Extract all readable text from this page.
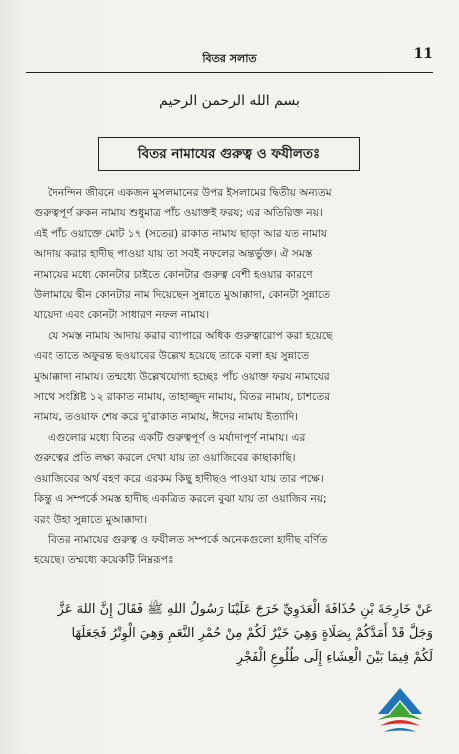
বিতর সলাত	11
بسم الله الرحمن الرحيم
বিতর নামাযের গুরুত্ব ও ফযীলতঃ
দৈনন্দিন জীবনে একজন মুসলমানের উপর ইসলামের দ্বিতীয় অন্যতম
গুরুত্বপূর্ণ রুকন নামায শুধুমাত্র পাঁচ ওয়াক্তই ফরয; এর অতিরিক্ত নয়।
এই পাঁচ ওয়াক্তে মোট ১৭ (সতের) রাকাত নামায ছাড়া আর যত নামায
আদায় করার হাদীছ পাওয়া যায় তা সবই নফলের অন্তর্ভুক্ত। ঐ সমস্ত
নামাযের মধ্যে কোনটার চাইতে কোনটার গুরুত্ব বেশী হওয়ার কারণে
উলামায়ে দ্বীন কোনটার নাম দিয়েছেন সুন্নাতে মুআক্কাদা, কোনটা সুন্নাতে
যায়েদা এবং কোনটা সাধারণ নফল নামায।
যে সমস্ত নামায আদায় করার ব্যাপারে অধিক গুরুত্বারোপ করা হয়েছে
এবং তাতে অফুরন্ত ছওয়াবের উল্লেখ হয়েছে তাকে বলা হয় সুন্নাতে
মুআক্কাদা নামায। তন্মধ্যে উল্লেখযোগ্য হচ্ছেঃ পাঁচ ওয়াক্ত ফরয নামাযের
সাথে সংশ্লিষ্ট ১২ রাকাত নামায, তাহাজ্জুদ নামায, বিতর নামায, চাশতের
নামায, তওয়াফ শেষ করে দু'রাকাত নামায, ঈদের নামায ইত্যাদি।
এগুলোর মধ্যে বিতর একটি গুরুত্বপূর্ণ ও মর্যাদাপূর্ণ নামায। এর
গুরুত্বের প্রতি লক্ষ্য করলে দেখা যায় তা ওয়াজিবের কাছাকাছি।
ওয়াজিবের অর্থ বহণ করে এরকম কিছু হাদীছও পাওয়া যায় তার পক্ষে।
কিন্তু এ সম্পর্কে সমস্ত হাদীছ একত্রিত করলে বুঝা যায় তা ওয়াজিব নয়;
বরং উহা সুন্নাতে মুআক্কাদা।
বিতর নামাযের গুরুত্ব ও ফযীলত সম্পর্কে অনেকগুলো হাদীছ বর্ণিত
হয়েছে। তম্মধ্যে কয়েকটি নিম্নরূপঃ
عَنْ خَارِجَةَ بْنِ حُذَافَةَ الْعَدَوِيِّ خَرَجَ عَلَيْنَا رَسُولُ اللهِ ﷺ فَقَالَ إِنَّ اللهَ عَزَّ
وَجَلَّ قَدْ أَمَدَّكُمْ بِصَلَاةٍ وَهِيَ خَيْرٌ لَكُمْ مِنْ حُمْرِ النَّعَمِ وَهِيَ الْوِتْرُ فَجَعَلَهَا
لَكُمْ فِيمَا بَيْنَ الْعِشَاءِ إِلَى طُلُوعِ الْفَجْرِ
